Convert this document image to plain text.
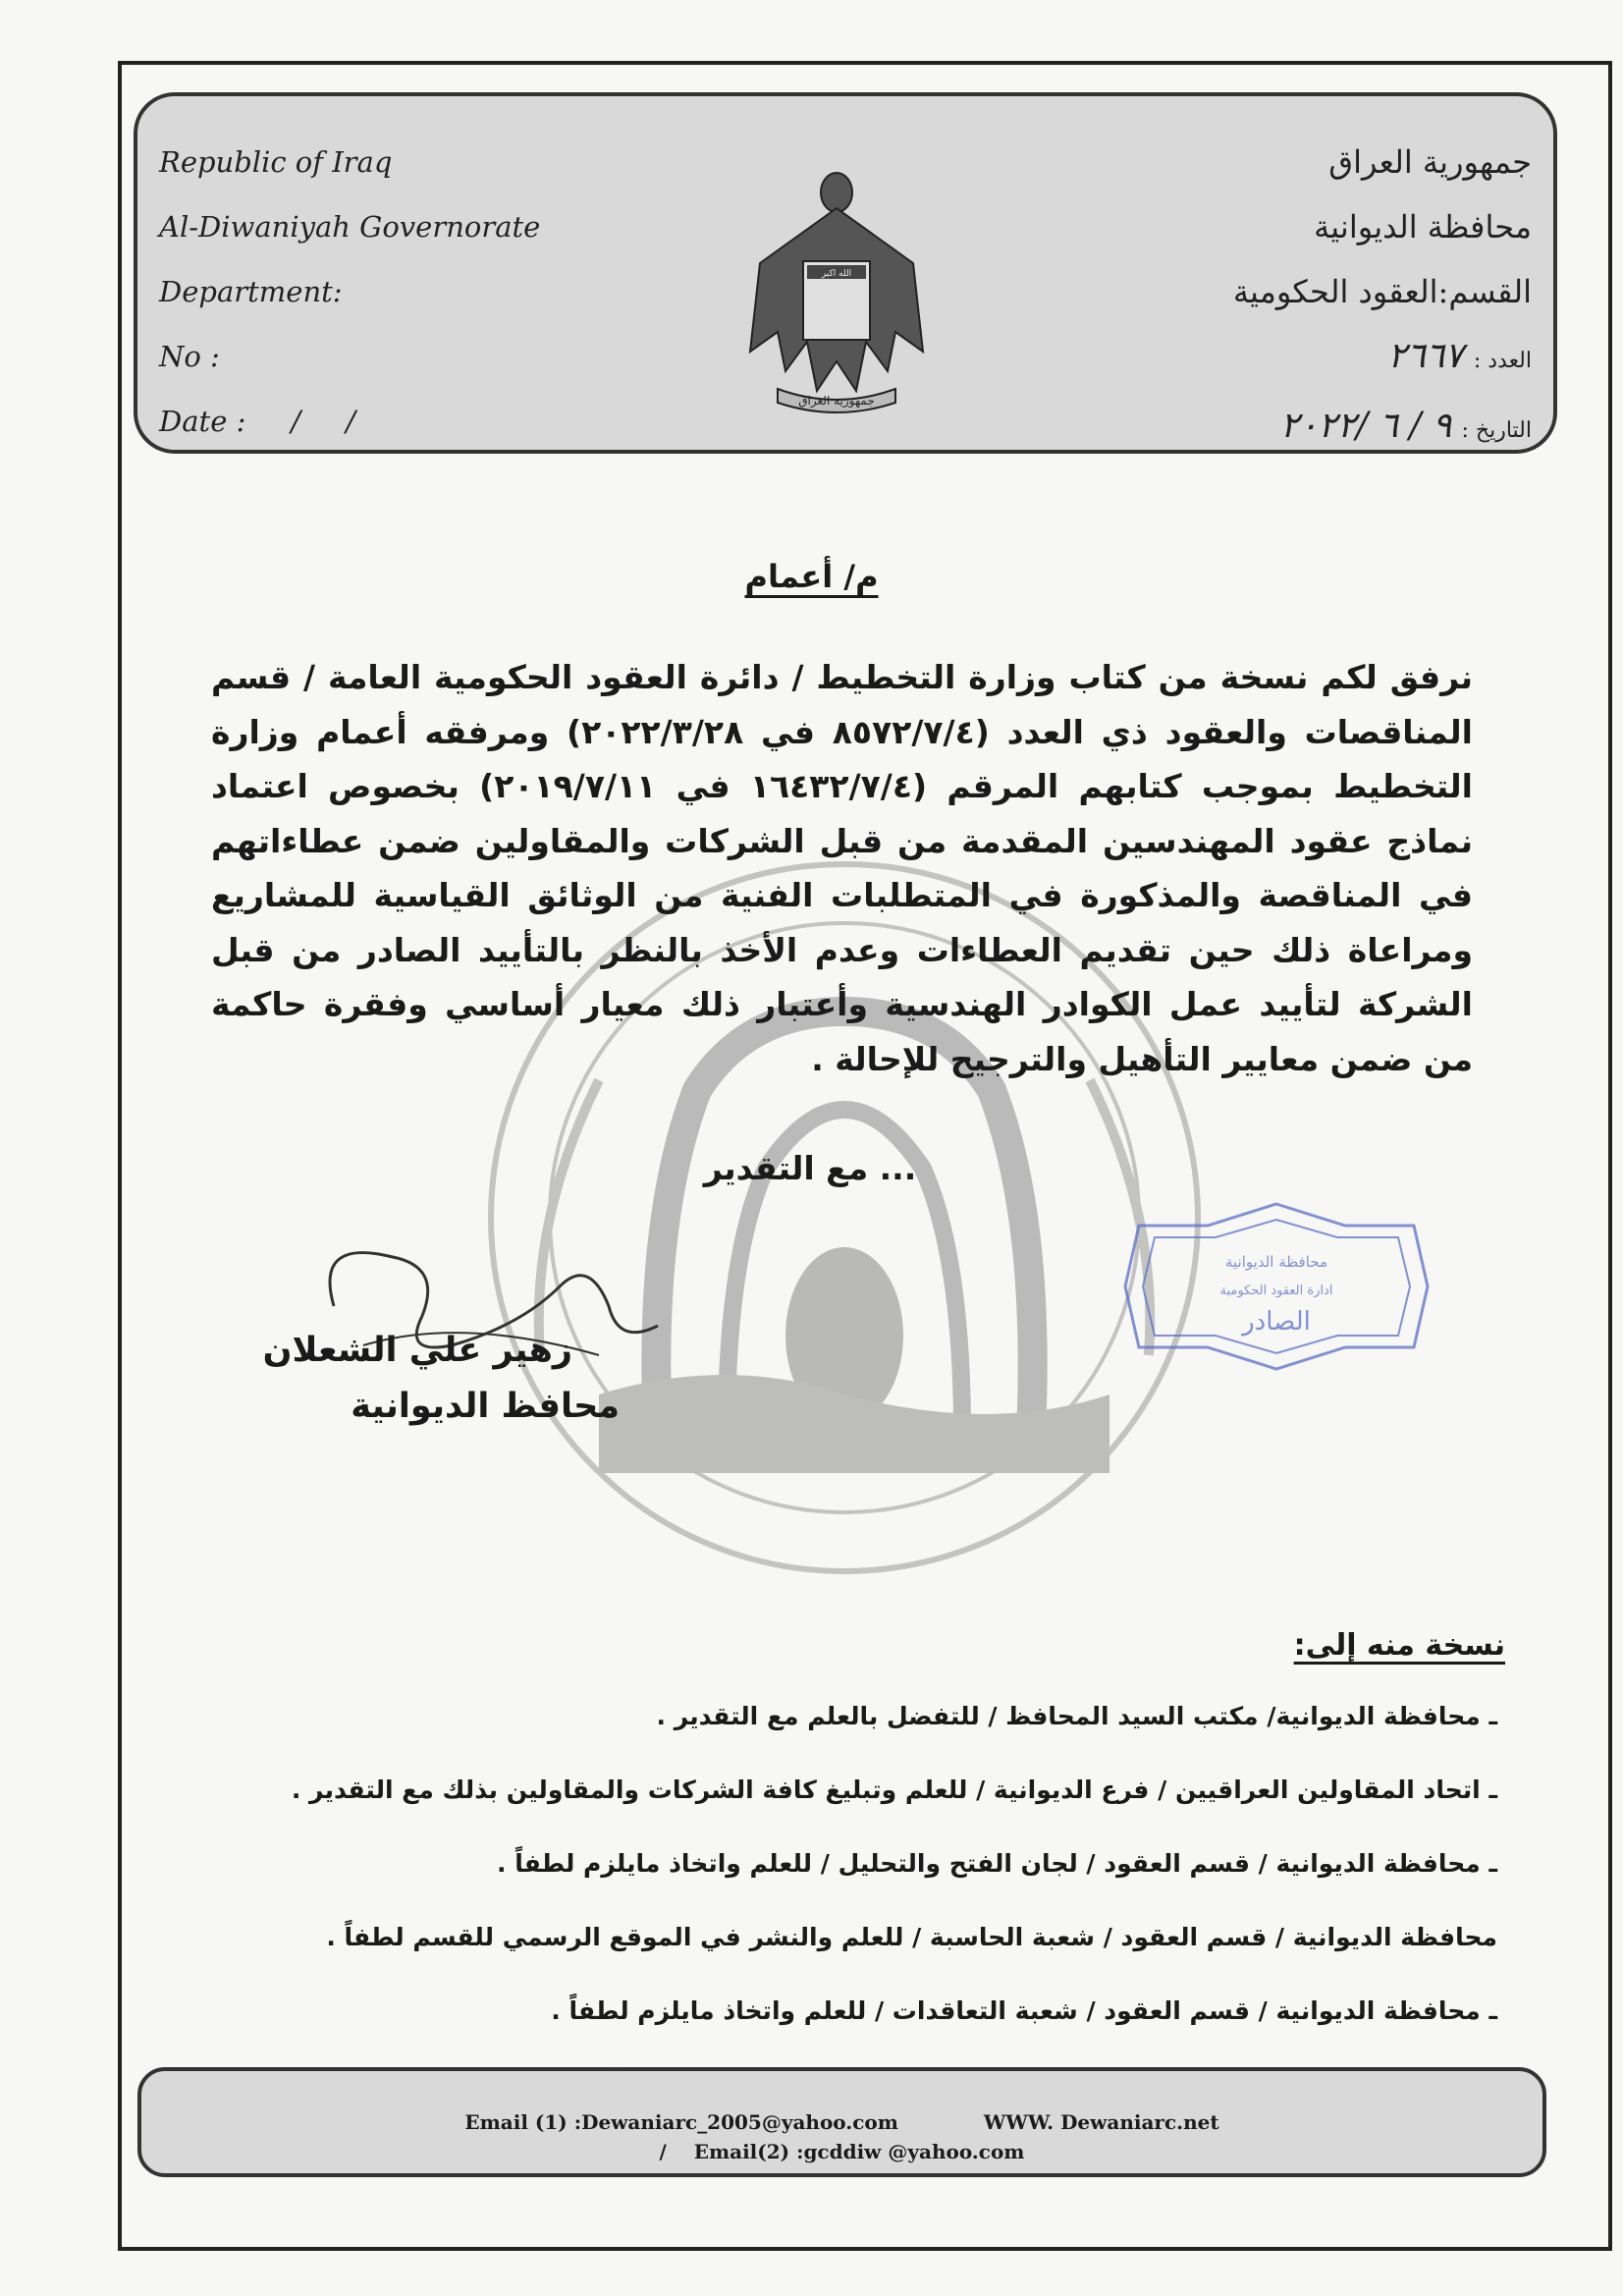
Republic of Iraq
Al-Diwaniyah Governorate
Department:
No :
Date :     /     /
الله اكبر
جمهورية العراق
جمهورية العراق
محافظة الديوانية
القسم:العقود الحكومية
العدد : ٢٦٦٧
التاريخ : ٩ / ٦ /٢٠٢٢
م/ أعمام
نرفق لكم نسخة من كتاب وزارة التخطيط / دائرة العقود الحكومية العامة / قسم المناقصات والعقود ذي العدد (٨٥٧٢/٧/٤ في ٢٠٢٢/٣/٢٨) ومرفقه أعمام وزارة التخطيط بموجب كتابهم المرقم (١٦٤٣٢/٧/٤ في ٢٠١٩/٧/١١) بخصوص اعتماد نماذج عقود المهندسين المقدمة من قبل الشركات والمقاولين ضمن عطاءاتهم في المناقصة والمذكورة في المتطلبات الفنية من الوثائق القياسية للمشاريع ومراعاة ذلك حين تقديم العطاءات وعدم الأخذ بالنظر بالتأييد الصادر من قبل الشركة لتأييد عمل الكوادر الهندسية وأعتبار ذلك معيار أساسي وفقرة حاكمة من ضمن معايير التأهيل والترجيح للإحالة .
... مع التقدير
زهير علي الشعلان
محافظ الديوانية
محافظة الديوانية
ادارة العقود الحكومية
الصادر
نسخة منه إلى:
ـ محافظة الديوانية/ مكتب السيد المحافظ / للتفضل بالعلم مع التقدير .
ـ اتحاد المقاولين العراقيين / فرع الديوانية / للعلم وتبليغ كافة الشركات والمقاولين بذلك مع التقدير .
ـ محافظة الديوانية / قسم العقود / لجان الفتح والتحليل / للعلم واتخاذ مايلزم لطفاً .
محافظة الديوانية / قسم العقود / شعبة الحاسبة / للعلم والنشر في الموقع الرسمي للقسم لطفاً .
ـ محافظة الديوانية / قسم العقود / شعبة التعاقدات / للعلم واتخاذ مايلزم لطفاً .
Email (1) :Dewaniarc_2005@yahoo.com	WWW. Dewaniarc.net
/    Email(2) :gcddiw @yahoo.com
